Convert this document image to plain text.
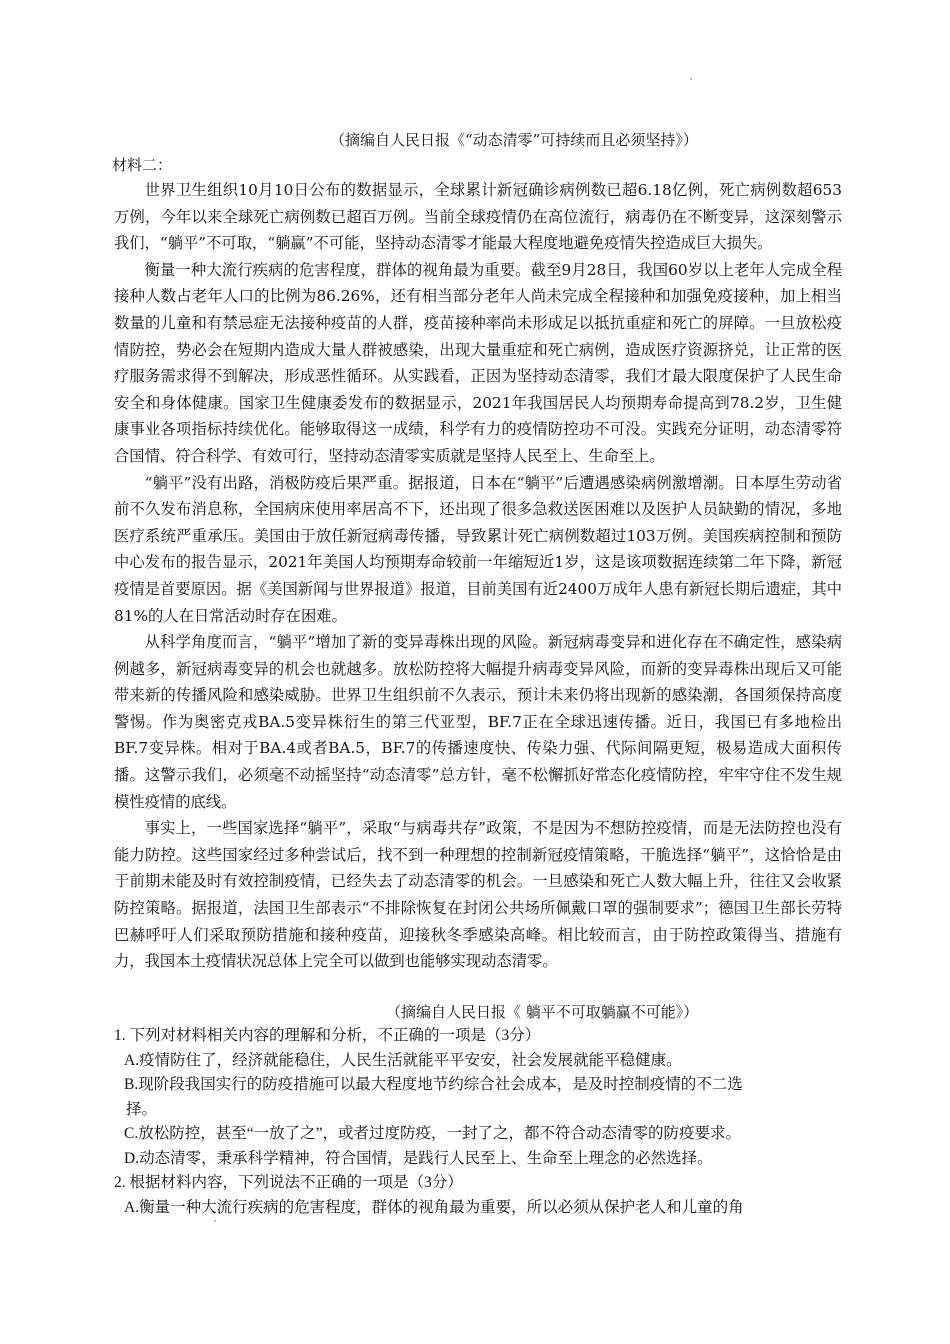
（摘编自人民日报《“动态清零”可持续而且必须坚持》）
材料二：

世界卫生组织10月10日公布的数据显示，全球累计新冠确诊病例数已超6.18亿例，死亡病例数超653万例，今年以来全球死亡病例数已超百万例。当前全球疫情仍在高位流行，病毒仍在不断变异，这深刻警示我们，“躺平”不可取，“躺赢”不可能，坚持动态清零才能最大程度地避免疫情失控造成巨大损失。

衡量一种大流行疾病的危害程度，群体的视角最为重要。截至9月28日，我国60岁以上老年人完成全程接种人数占老年人口的比例为86.26%，还有相当部分老年人尚未完成全程接种和加强免疫接种，加上相当数量的儿童和有禁忌症无法接种疫苗的人群，疫苗接种率尚未形成足以抵抗重症和死亡的屏障。一旦放松疫情防控，势必会在短期内造成大量人群被感染，出现大量重症和死亡病例，造成医疗资源挤兑，让正常的医疗服务需求得不到解决，形成恶性循环。从实践看，正因为坚持动态清零，我们才最大限度保护了人民生命安全和身体健康。国家卫生健康委发布的数据显示，2021年我国居民人均预期寿命提高到78.2岁，卫生健康事业各项指标持续优化。能够取得这一成绩，科学有力的疫情防控功不可没。实践充分证明，动态清零符合国情、符合科学、有效可行，坚持动态清零实质就是坚持人民至上、生命至上。

“躺平”没有出路，消极防疫后果严重。据报道，日本在“躺平”后遭遇感染病例激增潮。日本厚生劳动省前不久发布消息称，全国病床使用率居高不下，还出现了很多急救送医困难以及医护人员缺勤的情况，多地医疗系统严重承压。美国由于放任新冠病毒传播，导致累计死亡病例数超过103万例。美国疾病控制和预防中心发布的报告显示，2021年美国人均预期寿命较前一年缩短近1岁，这是该项数据连续第二年下降，新冠疫情是首要原因。据《美国新闻与世界报道》报道，目前美国有近2400万成年人患有新冠长期后遗症，其中81%的人在日常活动时存在困难。

从科学角度而言，“躺平”增加了新的变异毒株出现的风险。新冠病毒变异和进化存在不确定性，感染病例越多，新冠病毒变异的机会也就越多。放松防控将大幅提升病毒变异风险，而新的变异毒株出现后又可能带来新的传播风险和感染威胁。世界卫生组织前不久表示，预计未来仍将出现新的感染潮，各国须保持高度警惕。作为奥密克戎BA.5变异株衍生的第三代亚型，BF.7正在全球迅速传播。近日，我国已有多地检出BF.7变异株。相对于BA.4或者BA.5，BF.7的传播速度快、传染力强、代际间隔更短，极易造成大面积传播。这警示我们，必须毫不动摇坚持“动态清零”总方针，毫不松懈抓好常态化疫情防控，牢牢守住不发生规模性疫情的底线。

事实上，一些国家选择“躺平”，采取“与病毒共存”政策，不是因为不想防控疫情，而是无法防控也没有能力防控。这些国家经过多种尝试后，找不到一种理想的控制新冠疫情策略，干脆选择“躺平”，这恰恰是由于前期未能及时有效控制疫情，已经失去了动态清零的机会。一旦感染和死亡人数大幅上升，往往又会收紧防控策略。据报道，法国卫生部表示“不排除恢复在封闭公共场所佩戴口罩的强制要求”；德国卫生部长劳特巴赫呼吁人们采取预防措施和接种疫苗，迎接秋冬季感染高峰。相比较而言，由于防控政策得当、措施有力，我国本土疫情状况总体上完全可以做到也能够实现动态清零。

（摘编自人民日报《 躺平不可取躺赢不可能》）

1. 下列对材料相关内容的理解和分析，不正确的一项是（3分）

A.疫情防住了，经济就能稳住，人民生活就能平平安安，社会发展就能平稳健康。

B.现阶段我国实行的防疫措施可以最大程度地节约综合社会成本，是及时控制疫情的不二选
择。

C.放松防控，甚至“一放了之”，或者过度防疫，一封了之，都不符合动态清零的防疫要求。

D.动态清零，秉承科学精神，符合国情，是践行人民至上、生命至上理念的必然选择。

2. 根据材料内容，下列说法不正确的一项是（3分）

A.衡量一种大流行疾病的危害程度，群体的视角最为重要，所以必须从保护老人和儿童的角
